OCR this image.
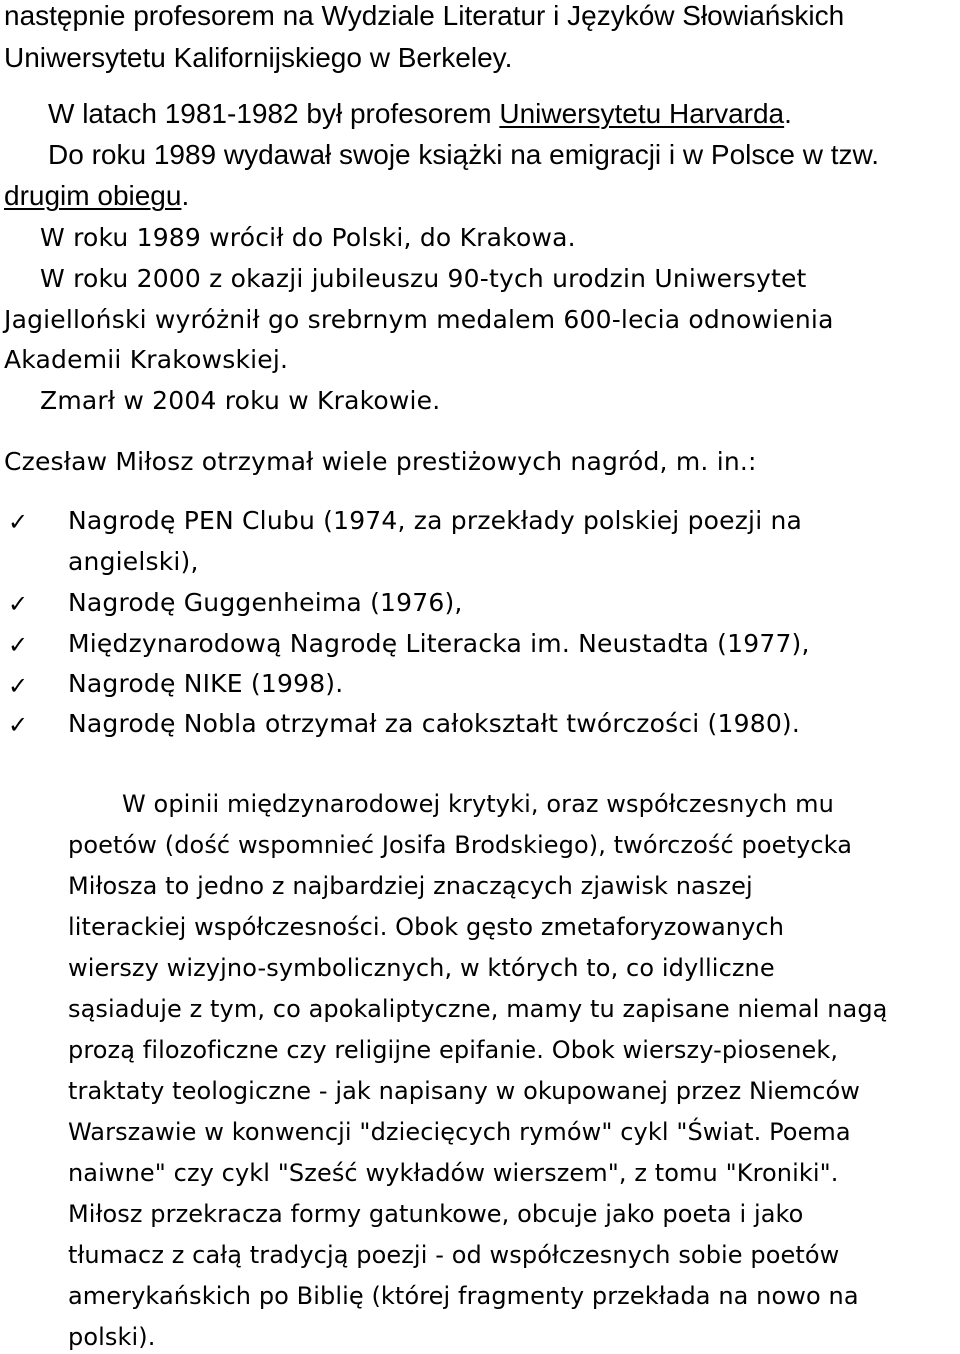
następnie profesorem na Wydziale Literatur i Języków Słowiańskich
Uniwersytetu Kalifornijskiego w Berkeley.
W latach 1981-1982 był profesorem Uniwersytetu Harvarda.
Do roku 1989 wydawał swoje książki na emigracji i w Polsce w tzw.
drugim obiegu.
W roku 1989 wrócił do Polski, do Krakowa.
W roku 2000 z okazji jubileuszu 90-tych urodzin Uniwersytet
Jagielloński wyróżnił go srebrnym medalem 600-lecia odnowienia
Akademii Krakowskiej.
Zmarł w 2004 roku w Krakowie.
Czesław Miłosz otrzymał wiele prestiżowych nagród, m. in.:
✓ Nagrodę PEN Clubu (1974, za przekłady polskiej poezji na
angielski),
✓ Nagrodę Guggenheima (1976),
✓ Międzynarodową Nagrodę Literacka im. Neustadta (1977),
✓ Nagrodę NIKE (1998).
✓ Nagrodę Nobla otrzymał za całokształt twórczości (1980).
W opinii międzynarodowej krytyki, oraz współczesnych mu
poetów (dość wspomnieć Josifa Brodskiego), twórczość poetycka
Miłosza to jedno z najbardziej znaczących zjawisk naszej
literackiej współczesności. Obok gęsto zmetaforyzowanych
wierszy wizyjno-symbolicznych, w których to, co idylliczne
sąsiaduje z tym, co apokaliptyczne, mamy tu zapisane niemal nagą
prozą filozoficzne czy religijne epifanie. Obok wierszy-piosenek,
traktaty teologiczne - jak napisany w okupowanej przez Niemców
Warszawie w konwencji "dziecięcych rymów" cykl "Świat. Poema
naiwne" czy cykl "Sześć wykładów wierszem", z tomu "Kroniki".
Miłosz przekracza formy gatunkowe, obcuje jako poeta i jako
tłumacz z całą tradycją poezji - od współczesnych sobie poetów
amerykańskich po Biblię (której fragmenty przekłada na nowo na
polski).
